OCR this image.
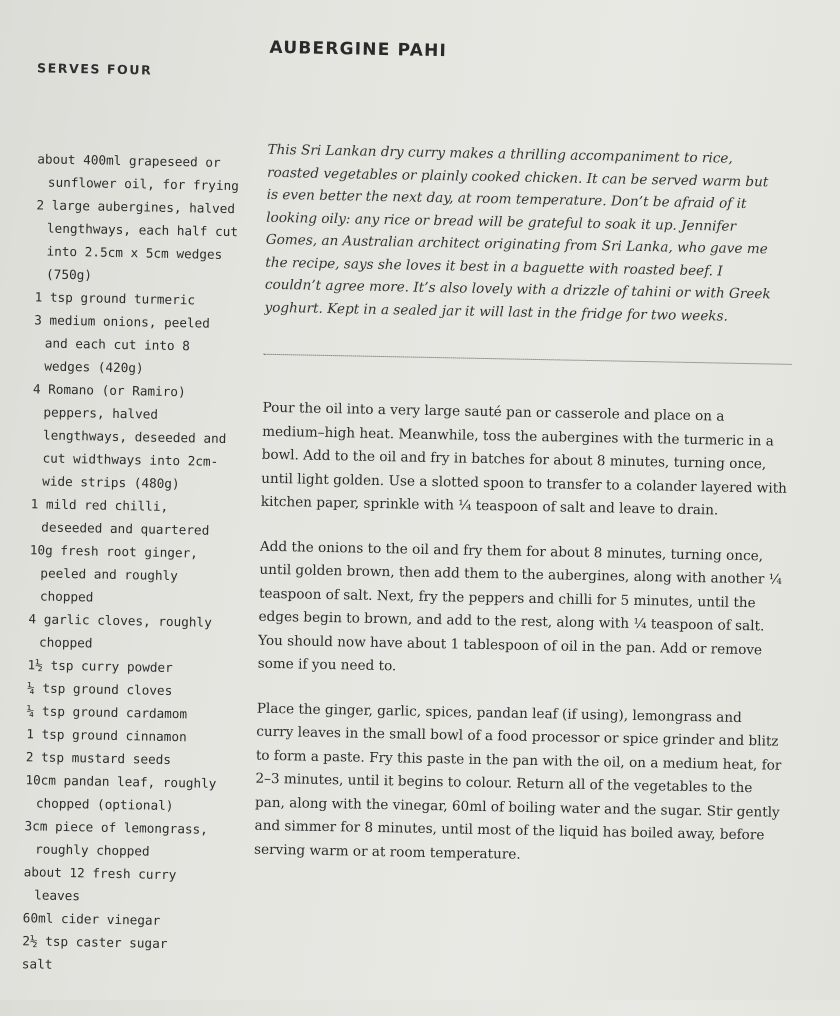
SERVES FOUR
AUBERGINE PAHI
about 400ml grapeseed or sunflower oil, for frying
2 large aubergines, halved lengthways, each half cut into 2.5cm x 5cm wedges (750g)
1 tsp ground turmeric
3 medium onions, peeled and each cut into 8 wedges (420g)
4 Romano (or Ramiro) peppers, halved lengthways, deseeded and cut widthways into 2cm-wide strips (480g)
1 mild red chilli, deseeded and quartered
10g fresh root ginger, peeled and roughly chopped
4 garlic cloves, roughly chopped
1½ tsp curry powder
¼ tsp ground cloves
¼ tsp ground cardamom
1 tsp ground cinnamon
2 tsp mustard seeds
10cm pandan leaf, roughly chopped (optional)
3cm piece of lemongrass, roughly chopped
about 12 fresh curry leaves
60ml cider vinegar
2½ tsp caster sugar
salt

This Sri Lankan dry curry makes a thrilling accompaniment to rice, roasted vegetables or plainly cooked chicken. It can be served warm but is even better the next day, at room temperature. Don’t be afraid of it looking oily: any rice or bread will be grateful to soak it up. Jennifer Gomes, an Australian architect originating from Sri Lanka, who gave me the recipe, says she loves it best in a baguette with roasted beef. I couldn’t agree more. It’s also lovely with a drizzle of tahini or with Greek yoghurt. Kept in a sealed jar it will last in the fridge for two weeks.

Pour the oil into a very large sauté pan or casserole and place on a medium–high heat. Meanwhile, toss the aubergines with the turmeric in a bowl. Add to the oil and fry in batches for about 8 minutes, turning once, until light golden. Use a slotted spoon to transfer to a colander layered with kitchen paper, sprinkle with ¼ teaspoon of salt and leave to drain.

Add the onions to the oil and fry them for about 8 minutes, turning once, until golden brown, then add them to the aubergines, along with another ¼ teaspoon of salt. Next, fry the peppers and chilli for 5 minutes, until the edges begin to brown, and add to the rest, along with ¼ teaspoon of salt. You should now have about 1 tablespoon of oil in the pan. Add or remove some if you need to.

Place the ginger, garlic, spices, pandan leaf (if using), lemongrass and curry leaves in the small bowl of a food processor or spice grinder and blitz to form a paste. Fry this paste in the pan with the oil, on a medium heat, for 2–3 minutes, until it begins to colour. Return all of the vegetables to the pan, along with the vinegar, 60ml of boiling water and the sugar. Stir gently and simmer for 8 minutes, until most of the liquid has boiled away, before serving warm or at room temperature.
